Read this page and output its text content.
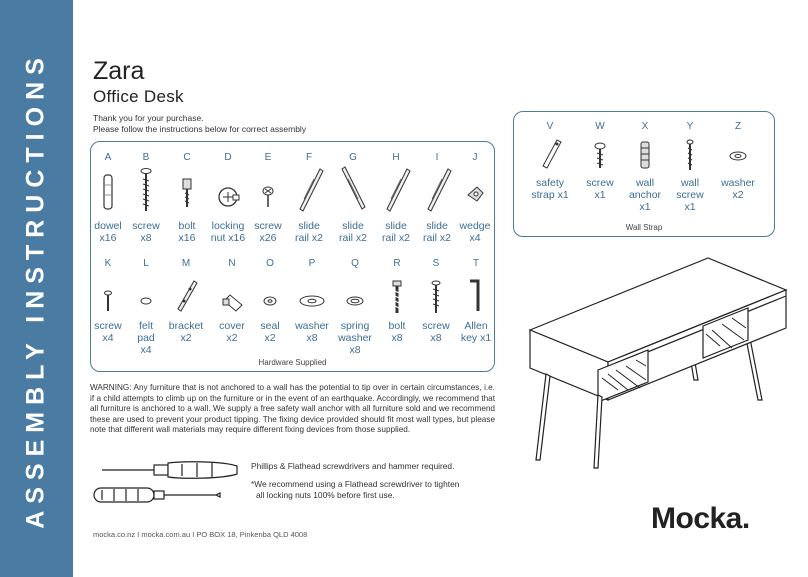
ASSEMBLY INSTRUCTIONS Zara
Office Desk
Thank you for your purchase.
Please follow the instructions below for correct assembly
Hardware Supplied
A
dowel
x16
B
screw
x8
C
bolt
x16
D
locking
nut x16
E
screw
x26
F
slide
rail x2
G
slide
rail x2
H
slide
rail x2
I
slide
rail x2
J
wedge
x4
K
screw
x4
L
felt
pad
x4
M
bracket
x2
N
cover
x2
O
seal
x2
P
washer
x8
Q
spring
washer
x8
R
bolt
x8
S
screw
x8
T
Allen
key x1
Wall Strap
V
safety
strap x1
W
screw
x1
X
wall
anchor
x1
Y
wall
screw
x1
Z
washer
x2
WARNING: Any furniture that is not anchored to a wall has the potential to tip over in certain circumstances, i.e. if a child attempts to climb up on the furniture or in the event of an earthquake. Accordingly, we recommend that all furniture is anchored to a wall. We supply a free safety wall anchor with all furniture sold and we recommend these are used to prevent your product tipping. The fixing device provided should fit most wall types, but please note that different wall materials may require different fixing devices from those supplied.
Phillips & Flathead screwdrivers and hammer required.
*We recommend using a Flathead screwdriver to tighten
all locking nuts 100% before first use.
mocka.co.nz I mocka.com.au I PO BOX 18, Pinkenba QLD 4008	Mocka.
